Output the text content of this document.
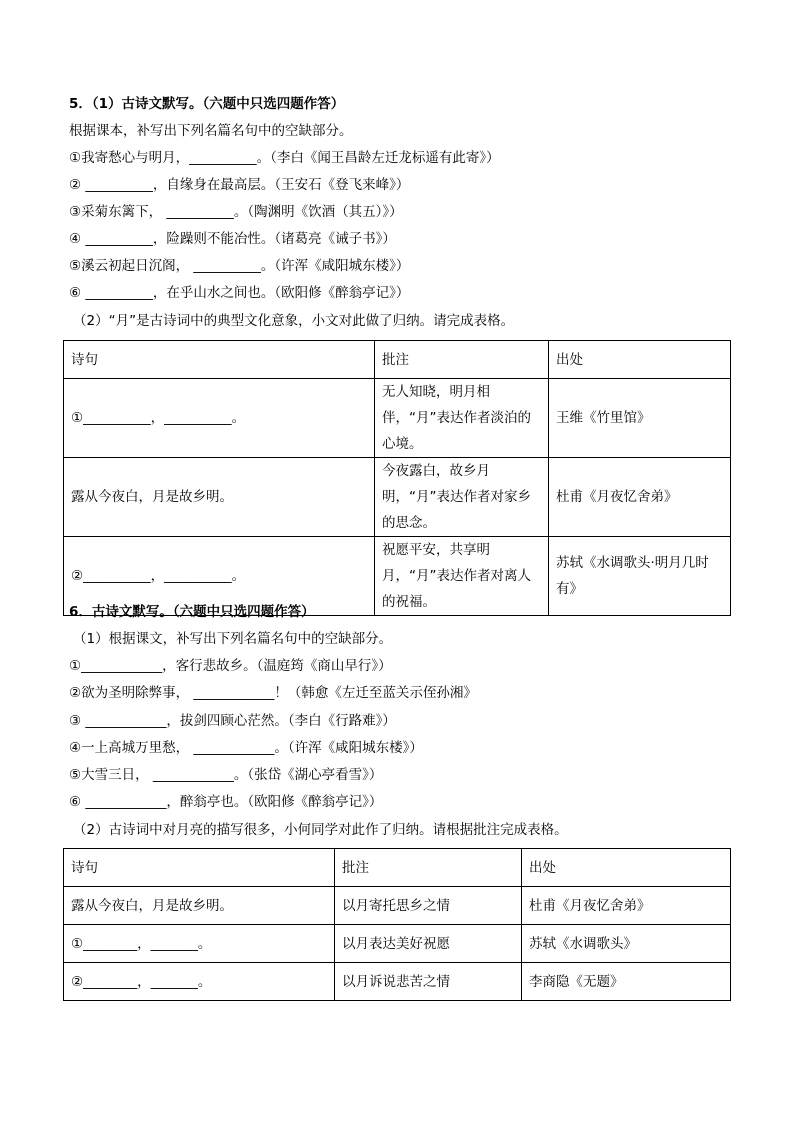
5．（1）古诗文默写。（六题中只选四题作答）
根据课本，补写出下列名篇名句中的空缺部分。
①我寄愁心与明月，__________。（李白《闻王昌龄左迁龙标遥有此寄》）
② __________，自缘身在最高层。（王安石《登飞来峰》）
③采菊东篱下， __________。（陶渊明《饮酒（其五）》）
④ __________，险躁则不能冶性。（诸葛亮《诫子书》）
⑤溪云初起日沉阁， __________。（许浑《咸阳城东楼》）
⑥ __________，在乎山水之间也。（欧阳修《醉翁亭记》）
（2）“月”是古诗词中的典型文化意象，小文对此做了归纳。请完成表格。
诗句	批注	出处
①__________，__________。	无人知晓，明月相伴，“月”表达作者淡泊的心境。	王维《竹里馆》
露从今夜白，月是故乡明。	今夜露白，故乡月明，“月”表达作者对家乡的思念。	杜甫《月夜忆舍弟》
②__________，__________。	祝愿平安，共享明月，“月”表达作者对离人的祝福。	苏轼《水调歌头·明月几时有》
6．古诗文默写。（六题中只选四题作答）
（1）根据课文，补写出下列名篇名句中的空缺部分。
①____________，客行悲故乡。（温庭筠《商山早行》）
②欲为圣明除弊事， ____________！（韩愈《左迁至蓝关示侄孙湘》
③ ____________，拔剑四顾心茫然。（李白《行路难》）
④一上高城万里愁， ____________。（许浑《咸阳城东楼》）
⑤大雪三日， ____________。（张岱《湖心亭看雪》）
⑥ ____________，醉翁亭也。（欧阳修《醉翁亭记》）
（2）古诗词中对月亮的描写很多，小何同学对此作了归纳。请根据批注完成表格。
诗句	批注	出处
露从今夜白，月是故乡明。	以月寄托思乡之情	杜甫《月夜忆舍弟》
①________，_______。	以月表达美好祝愿	苏轼《水调歌头》
②________，_______。	以月诉说悲苦之情	李商隐《无题》
